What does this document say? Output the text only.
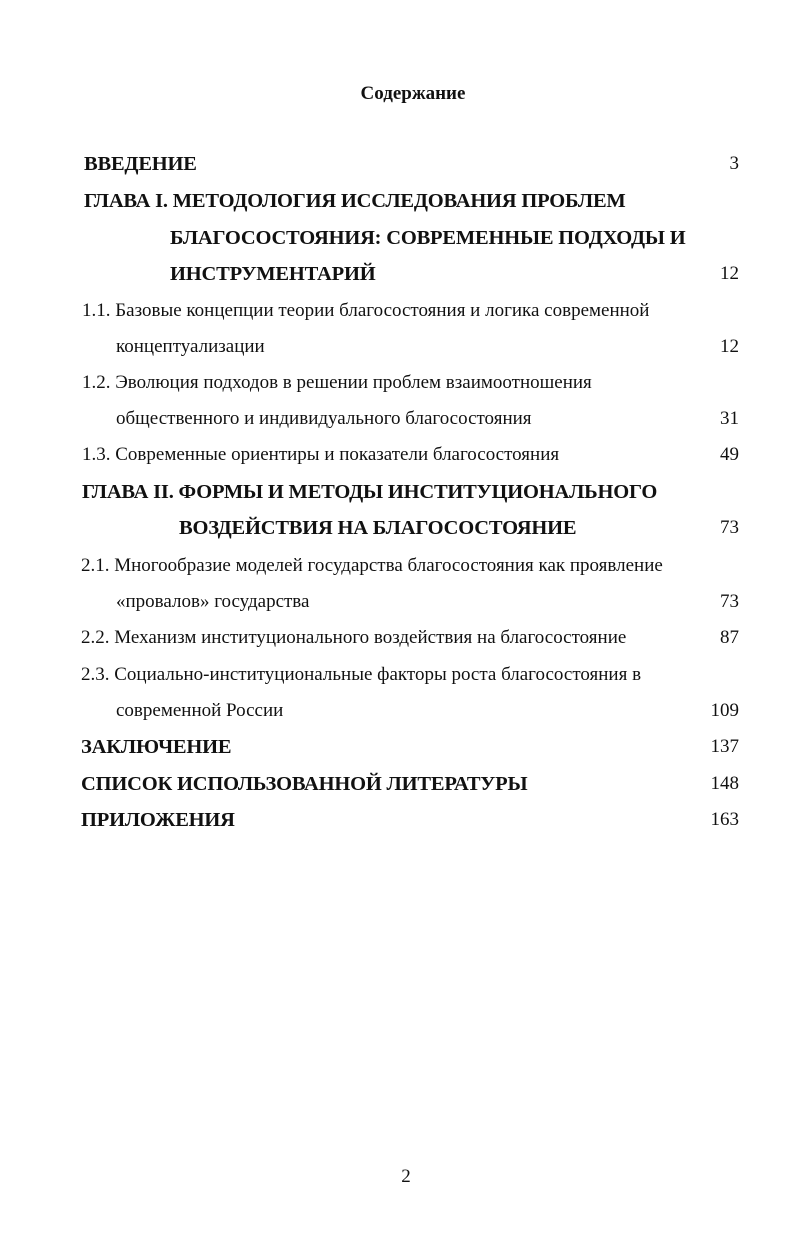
Содержание
ВВЕДЕНИЕ	3
ГЛАВА I. МЕТОДОЛОГИЯ ИССЛЕДОВАНИЯ ПРОБЛЕМ
БЛАГОСОСТОЯНИЯ: СОВРЕМЕННЫЕ ПОДХОДЫ И
ИНСТРУМЕНТАРИЙ	12
1.1. Базовые концепции теории благосостояния и логика современной
концептуализации	12
1.2. Эволюция подходов в решении проблем взаимоотношения
общественного и индивидуального благосостояния	31
1.3. Современные ориентиры и показатели благосостояния	49
ГЛАВА II. ФОРМЫ И МЕТОДЫ ИНСТИТУЦИОНАЛЬНОГО
ВОЗДЕЙСТВИЯ НА БЛАГОСОСТОЯНИЕ	73
2.1. Многообразие моделей государства благосостояния как проявление
«провалов» государства	73
2.2. Механизм институционального воздействия на благосостояние	87
2.3. Социально-институциональные факторы роста благосостояния в
современной России	109
ЗАКЛЮЧЕНИЕ	137
СПИСОК ИСПОЛЬЗОВАННОЙ ЛИТЕРАТУРЫ	148
ПРИЛОЖЕНИЯ	163
2
